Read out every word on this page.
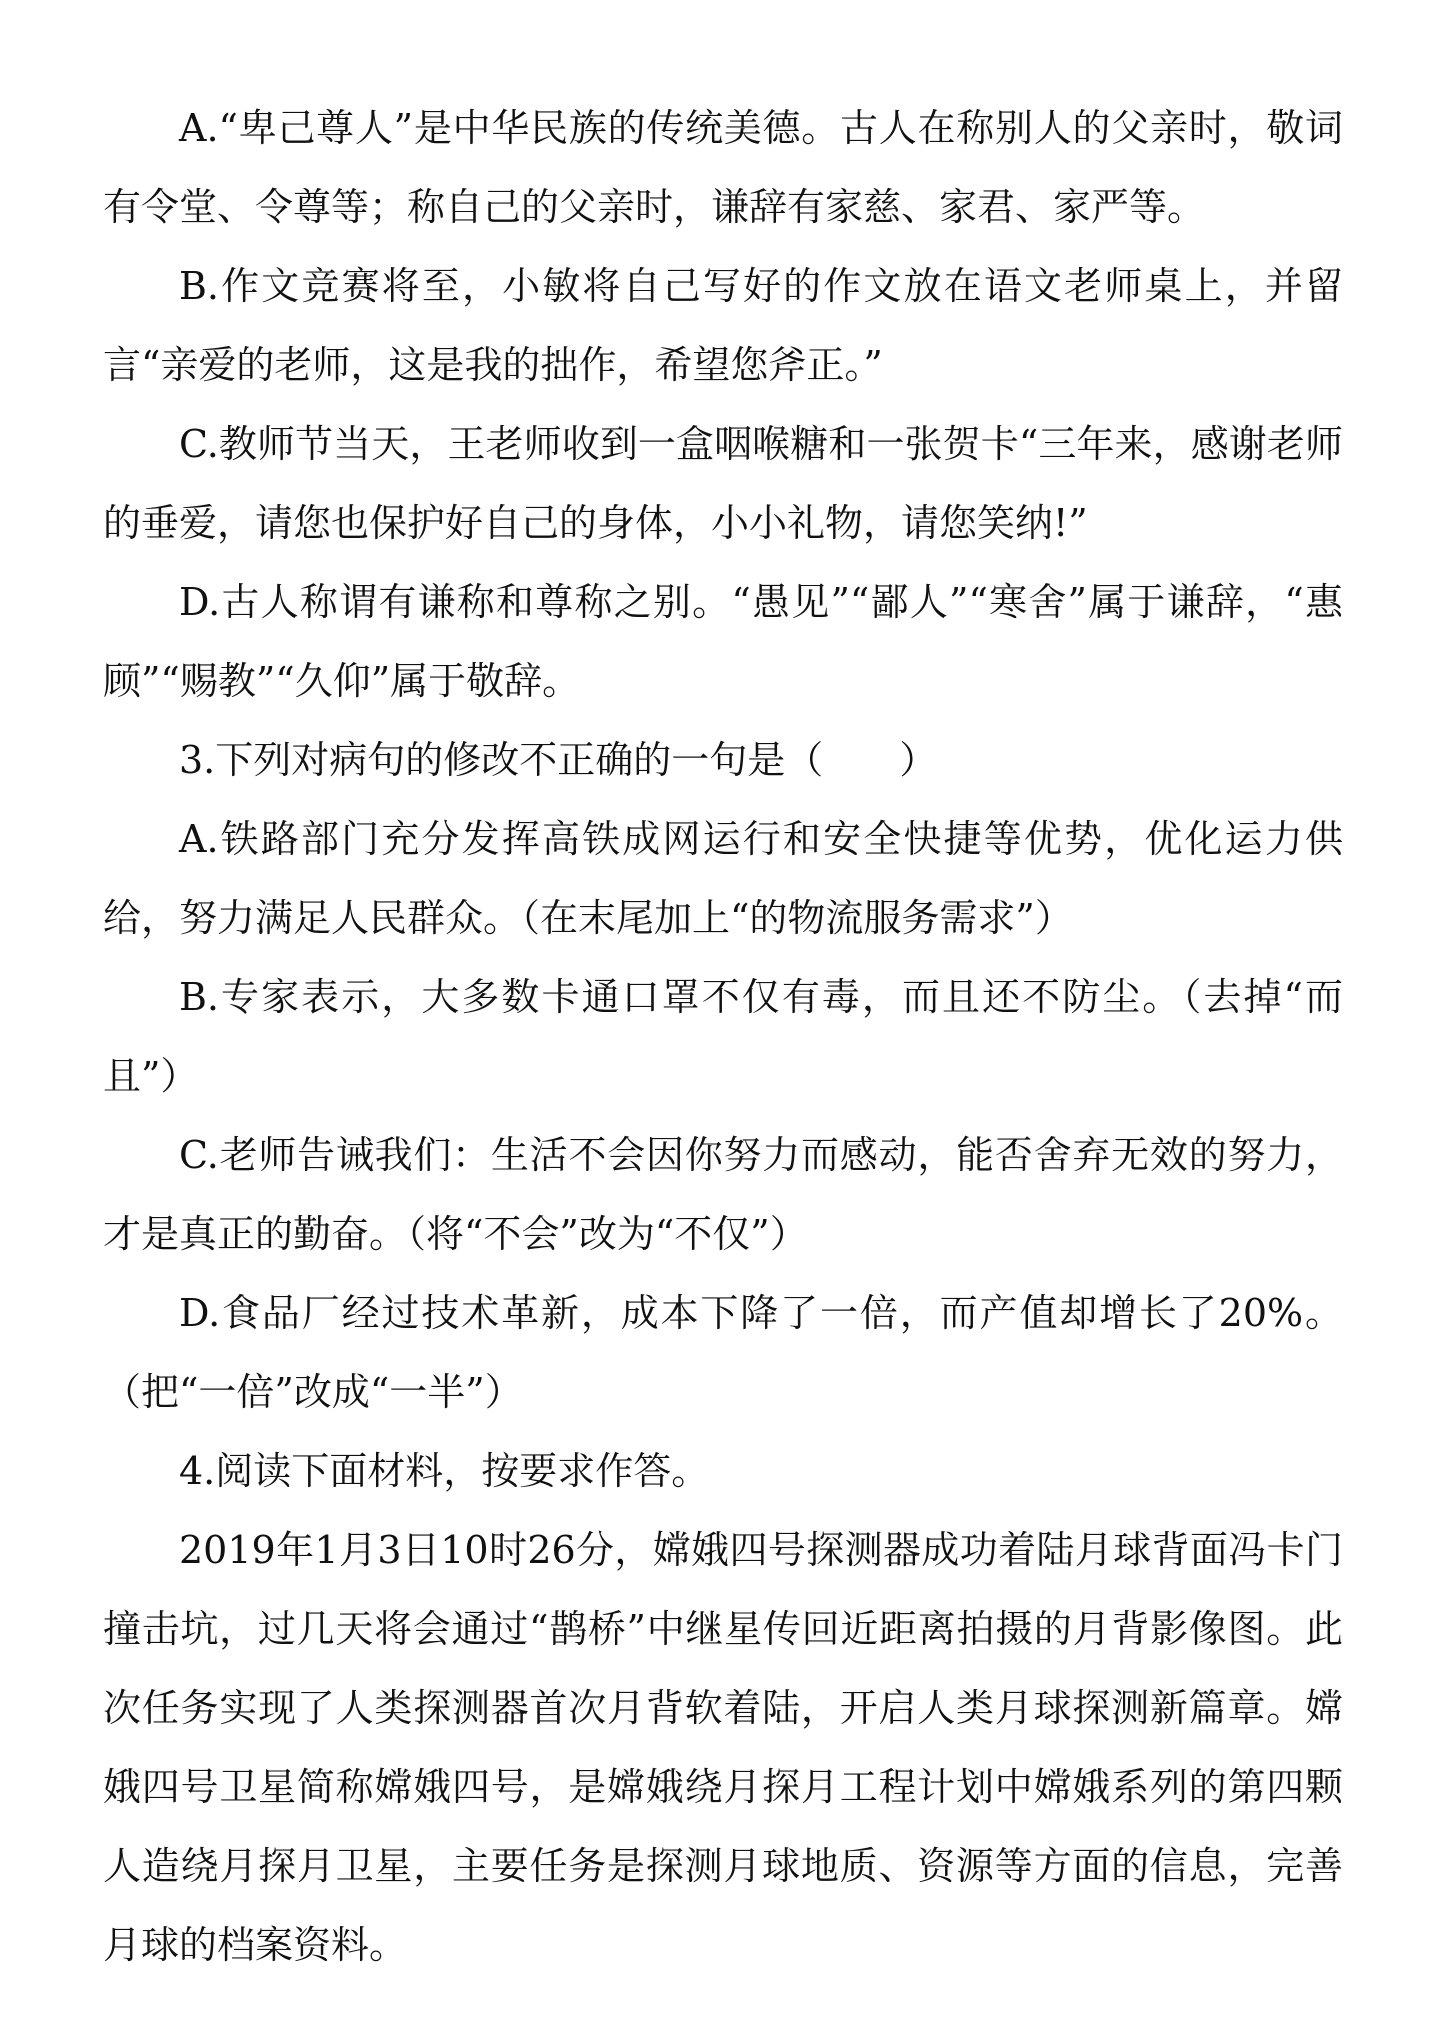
A.“卑己尊人”是中华民族的传统美德。古人在称别人的父亲时，敬词有令堂、令尊等；称自己的父亲时，谦辞有家慈、家君、家严等。

B.作文竞赛将至，小敏将自己写好的作文放在语文老师桌上，并留言“亲爱的老师，这是我的拙作，希望您斧正。”

C.教师节当天，王老师收到一盒咽喉糖和一张贺卡“三年来，感谢老师的垂爱，请您也保护好自己的身体，小小礼物，请您笑纳!”

D.古人称谓有谦称和尊称之别。“愚见”“鄙人”“寒舍”属于谦辞，“惠顾”“赐教”“久仰”属于敬辞。

3.下列对病句的修改不正确的一句是（　　）

A.铁路部门充分发挥高铁成网运行和安全快捷等优势，优化运力供给，努力满足人民群众。（在末尾加上“的物流服务需求”）

B.专家表示，大多数卡通口罩不仅有毒，而且还不防尘。（去掉“而且”）

C.老师告诫我们：生活不会因你努力而感动，能否舍弃无效的努力，才是真正的勤奋。（将“不会”改为“不仅”）

D.食品厂经过技术革新，成本下降了一倍，而产值却增长了20%。（把“一倍”改成“一半”）

4.阅读下面材料，按要求作答。

2019年1月3日10时26分，嫦娥四号探测器成功着陆月球背面冯卡门撞击坑，过几天将会通过“鹊桥”中继星传回近距离拍摄的月背影像图。此次任务实现了人类探测器首次月背软着陆，开启人类月球探测新篇章。嫦娥四号卫星简称嫦娥四号，是嫦娥绕月探月工程计划中嫦娥系列的第四颗人造绕月探月卫星，主要任务是探测月球地质、资源等方面的信息，完善月球的档案资料。
